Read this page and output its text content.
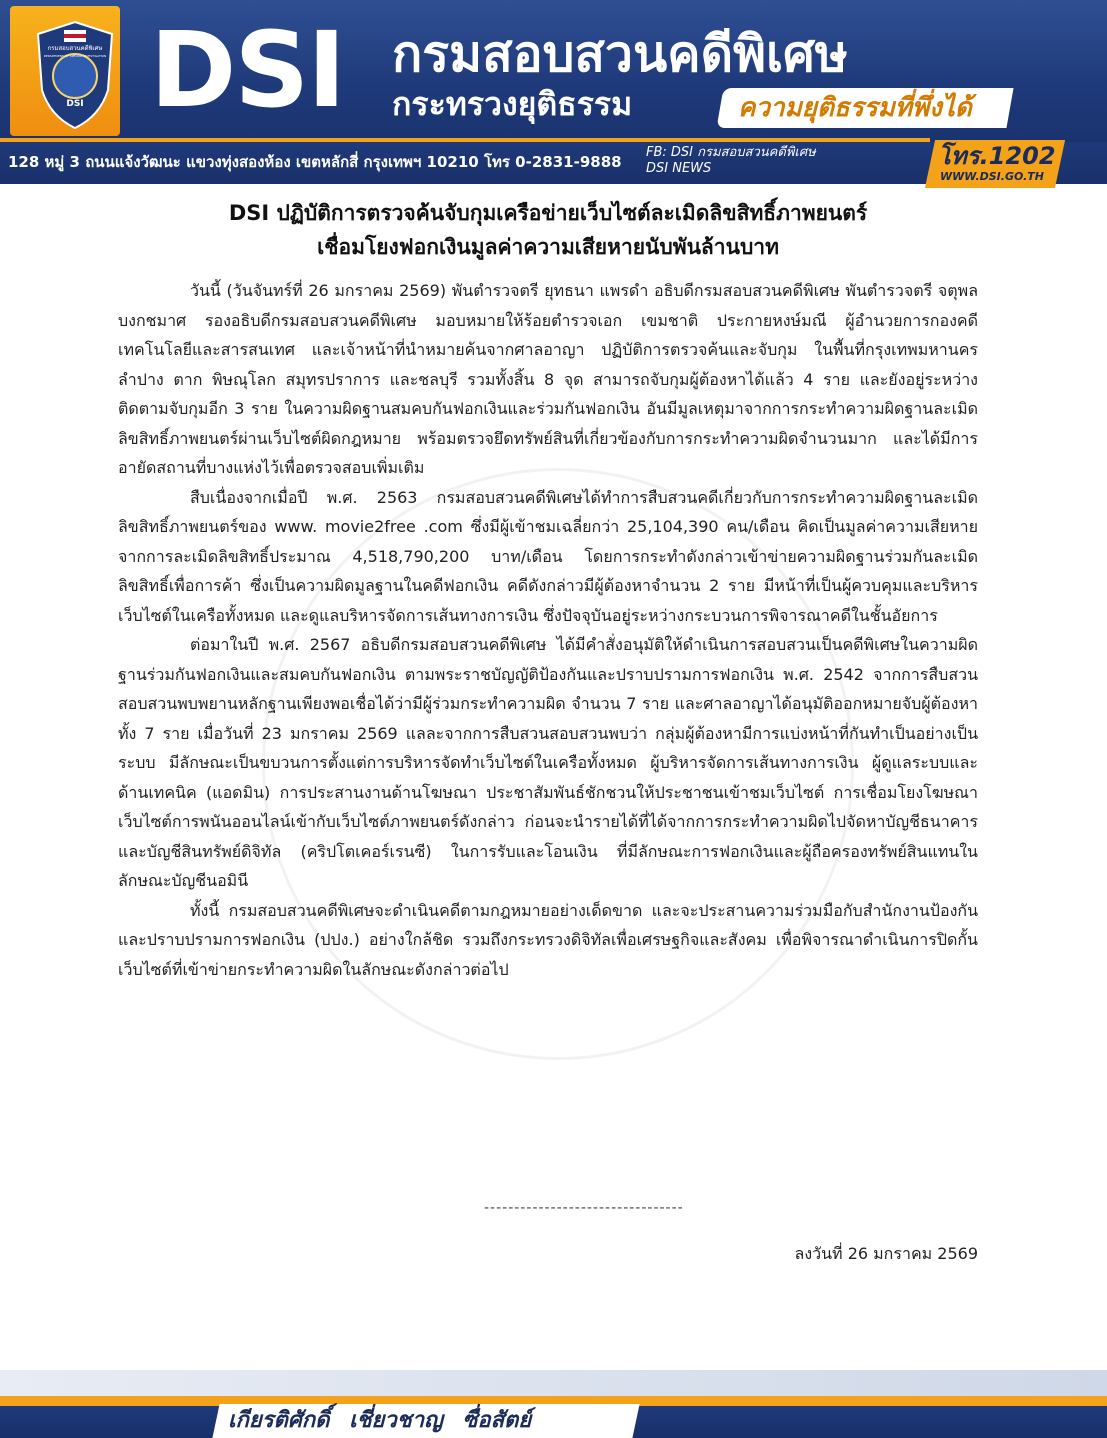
กรมสอบสวนคดีพิเศษ
DEPARTMENT OF SPECIAL INVESTIGATION
DSI DSI กรมสอบสวนคดีพิเศษ
กระทรวงยุติธรรม	ความยุติธรรมที่พึ่งได้
128 หมู่ 3 ถนนแจ้งวัฒนะ แขวงทุ่งสองห้อง เขตหลักสี่ กรุงเทพฯ 10210 โทร 0-2831-9888
FB: DSI กรมสอบสวนคดีพิเศษ
DSI NEWS	โทร.1202
WWW.DSI.GO.TH

DSI ปฏิบัติการตรวจค้นจับกุมเครือข่ายเว็บไซต์ละเมิดลิขสิทธิ์ภาพยนตร์

เชื่อมโยงฟอกเงินมูลค่าความเสียหายนับพันล้านบาท

วันนี้ (วันจันทร์ที่ 26 มกราคม 2569) พันตำรวจตรี ยุทธนา แพรดำ อธิบดีกรมสอบสวนคดีพิเศษ พันตำรวจตรี จตุพล บงกชมาศ รองอธิบดีกรมสอบสวนคดีพิเศษ มอบหมายให้ร้อยตำรวจเอก เขมชาติ ประกายหงษ์มณี ผู้อำนวยการกองคดีเทคโนโลยีและสารสนเทศ และเจ้าหน้าที่นำหมายค้นจากศาลอาญา ปฏิบัติการตรวจค้นและจับกุม ในพื้นที่กรุงเทพมหานคร ลำปาง ตาก พิษณุโลก สมุทรปราการ และชลบุรี รวมทั้งสิ้น 8 จุด สามารถจับกุมผู้ต้องหาได้แล้ว 4 ราย และยังอยู่ระหว่างติดตามจับกุมอีก 3 ราย ในความผิดฐานสมคบกันฟอกเงินและร่วมกันฟอกเงิน อันมีมูลเหตุมาจากการกระทำความผิดฐานละเมิดลิขสิทธิ์ภาพยนตร์ผ่านเว็บไซต์ผิดกฎหมาย พร้อมตรวจยึดทรัพย์สินที่เกี่ยวข้องกับการกระทำความผิดจำนวนมาก และได้มีการอายัดสถานที่บางแห่งไว้เพื่อตรวจสอบเพิ่มเติม

สืบเนื่องจากเมื่อปี พ.ศ. 2563 กรมสอบสวนคดีพิเศษได้ทำการสืบสวนคดีเกี่ยวกับการกระทำความผิดฐานละเมิดลิขสิทธิ์ภาพยนตร์ของ www. movie2free .com ซึ่งมีผู้เข้าชมเฉลี่ยกว่า 25,104,390 คน/เดือน คิดเป็นมูลค่าความเสียหายจากการละเมิดลิขสิทธิ์ประมาณ 4,518,790,200 บาท/เดือน โดยการกระทำดังกล่าวเข้าข่ายความผิดฐานร่วมกันละเมิดลิขสิทธิ์เพื่อการค้า ซึ่งเป็นความผิดมูลฐานในคดีฟอกเงิน คดีดังกล่าวมีผู้ต้องหาจำนวน 2 ราย มีหน้าที่เป็นผู้ควบคุมและบริหารเว็บไซต์ในเครือทั้งหมด และดูแลบริหารจัดการเส้นทางการเงิน ซึ่งปัจจุบันอยู่ระหว่างกระบวนการพิจารณาคดีในชั้นอัยการ

ต่อมาในปี พ.ศ. 2567 อธิบดีกรมสอบสวนคดีพิเศษ ได้มีคำสั่งอนุมัติให้ดำเนินการสอบสวนเป็นคดีพิเศษในความผิดฐานร่วมกันฟอกเงินและสมคบกันฟอกเงิน ตามพระราชบัญญัติป้องกันและปราบปรามการฟอกเงิน พ.ศ. 2542 จากการสืบสวนสอบสวนพบพยานหลักฐานเพียงพอเชื่อได้ว่ามีผู้ร่วมกระทำความผิด จำนวน 7 ราย และศาลอาญาได้อนุมัติออกหมายจับผู้ต้องหาทั้ง 7 ราย เมื่อวันที่ 23 มกราคม 2569 แลละจากการสืบสวนสอบสวนพบว่า กลุ่มผู้ต้องหามีการแบ่งหน้าที่กันทำเป็นอย่างเป็นระบบ มีลักษณะเป็นขบวนการตั้งแต่การบริหารจัดทำเว็บไซต์ในเครือทั้งหมด ผู้บริหารจัดการเส้นทางการเงิน ผู้ดูแลระบบและด้านเทคนิค (แอดมิน) การประสานงานด้านโฆษณา ประชาสัมพันธ์ชักชวนให้ประชาชนเข้าชมเว็บไซต์ การเชื่อมโยงโฆษณาเว็บไซต์การพนันออนไลน์เข้ากับเว็บไซต์ภาพยนตร์ดังกล่าว ก่อนจะนำรายได้ที่ได้จากการกระทำความผิดไปจัดหาบัญชีธนาคารและบัญชีสินทรัพย์ดิจิทัล (คริปโตเคอร์เรนซี) ในการรับและโอนเงิน ที่มีลักษณะการฟอกเงินและผู้ถือครองทรัพย์สินแทนในลักษณะบัญชีนอมินี

ทั้งนี้ กรมสอบสวนคดีพิเศษจะดำเนินคดีตามกฎหมายอย่างเด็ดขาด และจะประสานความร่วมมือกับสำนักงานป้องกันและปราบปรามการฟอกเงิน (ปปง.) อย่างใกล้ชิด รวมถึงกระทรวงดิจิทัลเพื่อเศรษฐกิจและสังคม เพื่อพิจารณาดำเนินการปิดกั้นเว็บไซต์ที่เข้าข่ายกระทำความผิดในลักษณะดังกล่าวต่อไป

---------------------------------
ลงวันที่ 26 มกราคม 2569
เกียรติศักดิ์ เชี่ยวชาญ ซื่อสัตย์
